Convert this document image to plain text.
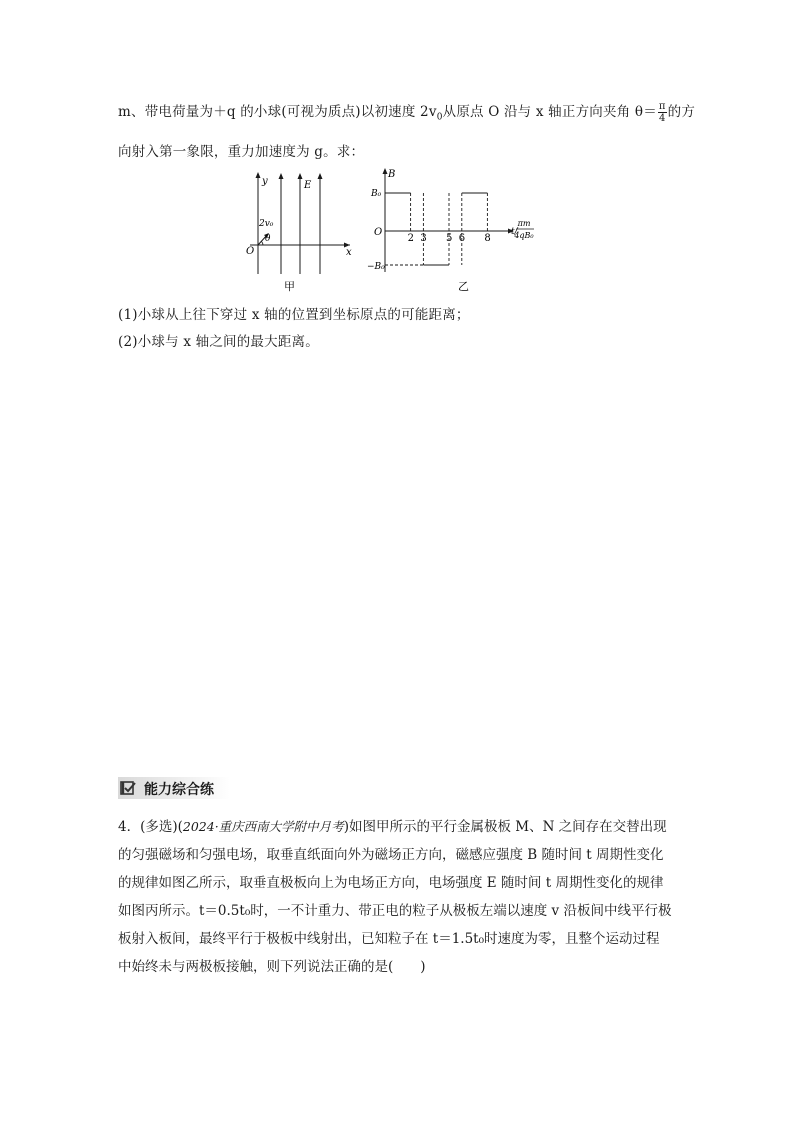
m、带电荷量为＋q 的小球(可视为质点)以初速度 $2v_0$从原点 O 沿与 x 轴正方向夹角 $\theta= \frac{\pi}{4}$ 的方
向射入第一象限，重力加速度为 g。求：
y
x
E
O
2v₀
θ
甲
B
B₀
−B₀
O	t/
πm
4qB₀
2 3 5 6 8
乙
(1)小球从上往下穿过 x 轴的位置到坐标原点的可能距离；
(2)小球与 x 轴之间的最大距离。
能力综合练
4．(多选)(2024·重庆西南大学附中月考)如图甲所示的平行金属极板 M、N 之间存在交替出现
的匀强磁场和匀强电场，取垂直纸面向外为磁场正方向，磁感应强度 B 随时间 t 周期性变化
的规律如图乙所示，取垂直极板向上为电场正方向，电场强度 E 随时间 t 周期性变化的规律
如图丙所示。t＝0.5t₀时，一不计重力、带正电的粒子从极板左端以速度 v 沿板间中线平行极
板射入板间，最终平行于极板中线射出，已知粒子在 t＝1.5t₀时速度为零，且整个运动过程
中始终未与两极板接触，则下列说法正确的是(　　)
